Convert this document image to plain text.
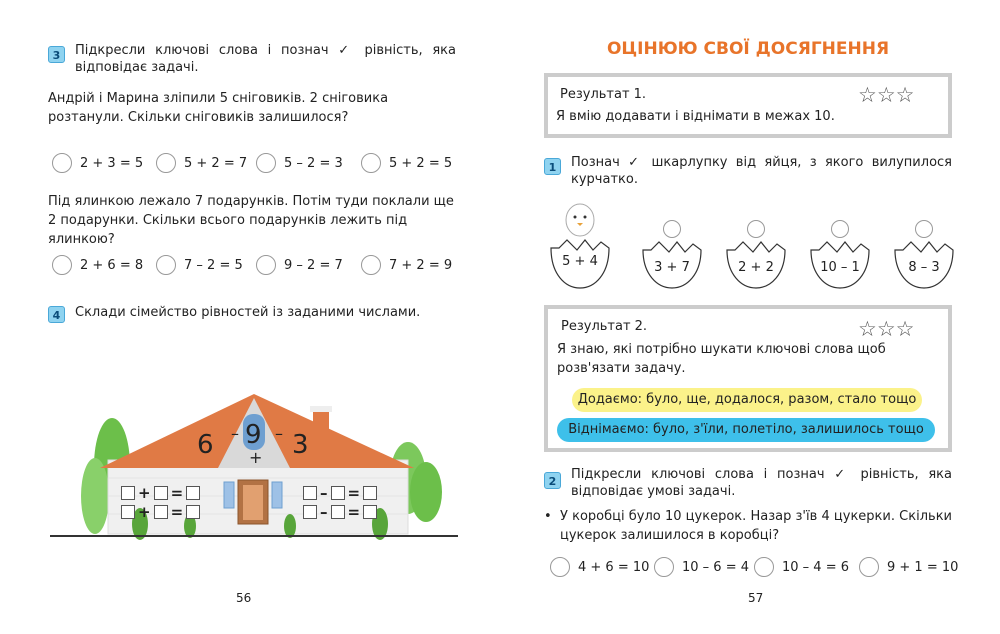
3	Підкресли ключові слова і познач ✓ рівність, яка відповідає задачі.
Андрій і Марина зліпили 5 сніговиків. 2 сніговика розтанули. Скільки сніговиків залишилося?
2 + 3 = 5	5 + 2 = 7	5 – 2 = 3	5 + 2 = 5
Під ялинкою лежало 7 подарунків. Потім туди поклали ще 2 подарунки. Скільки всього подарунків лежить під ялинкою?
2 + 6 = 8	7 – 2 = 5	9 – 2 = 7	7 + 2 = 9
4	Склади сімейство рівностей із заданими числами.
6 9 3
– –
+
+ =
+ =
– =
– =
56
ОЦІНЮЮ СВОЇ ДОСЯГНЕННЯ
Результат 1.	☆☆☆
Я вмію додавати і віднімати в межах 10.
1	Познач ✓ шкарлупку від яйця, з якого вилупилося курчатко.
5 + 4	3 + 7	2 + 2	10 – 1	8 – 3
Результат 2.	☆☆☆
Я знаю, які потрібно шукати ключові слова щоб розв'язати задачу.
Додаємо: було, ще, додалося, разом, стало тощо
Віднімаємо: було, з'їли, полетіло, залишилось тощо
2	Підкресли ключові слова і познач ✓ рівність, яка відповідає умові задачі.
• У коробці було 10 цукерок. Назар з'їв 4 цукерки. Скільки цукерок залишилося в коробці?
4 + 6 = 10	10 – 6 = 4	10 – 4 = 6	9 + 1 = 10
57
